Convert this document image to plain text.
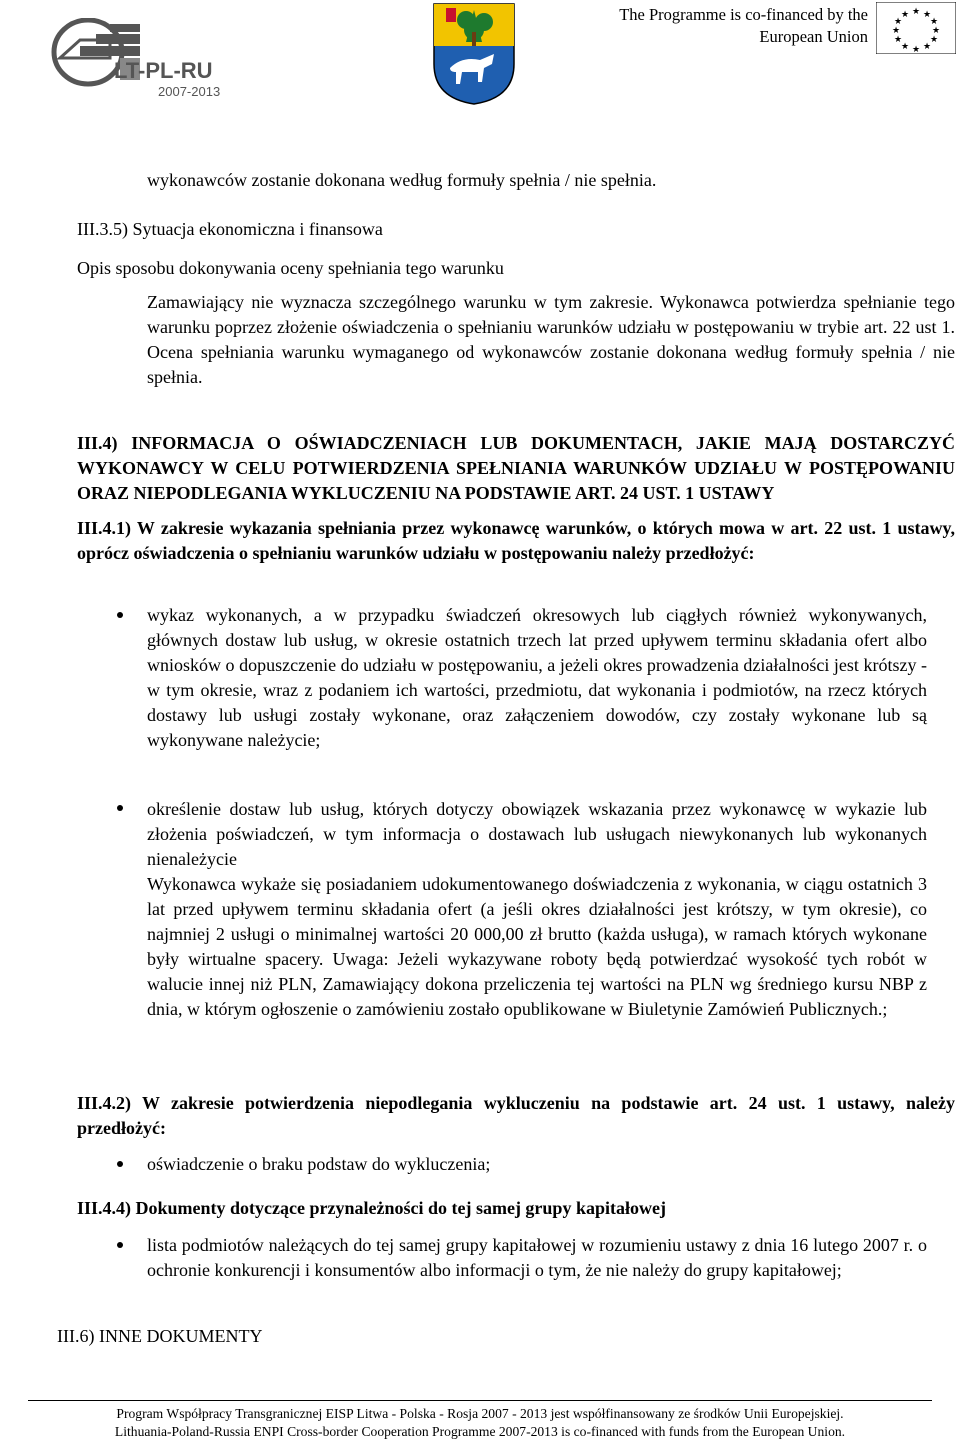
LT-PL-RU
2007-2013
The Programme is co-financed by the
European Union
★ ★
★
★
★
★
★
★
★
★
★
★

wykonawców zostanie dokonana według formuły spełnia / nie spełnia.

III.3.5) Sytuacja ekonomiczna i finansowa

Opis sposobu dokonywania oceny spełniania tego warunku

Zamawiający nie wyznacza szczególnego warunku w tym zakresie. Wykonawca potwierdza spełnianie tego warunku poprzez złożenie oświadczenia o spełnianiu warunków udziału w postępowaniu w trybie art. 22 ust 1. Ocena spełniania warunku wymaganego od wykonawców zostanie dokonana według formuły spełnia / nie spełnia.

III.4) INFORMACJA O OŚWIADCZENIACH LUB DOKUMENTACH, JAKIE MAJĄ DOSTARCZYĆ WYKONAWCY W CELU POTWIERDZENIA SPEŁNIANIA WARUNKÓW UDZIAŁU W POSTĘPOWANIU ORAZ NIEPODLEGANIA WYKLUCZENIU NA PODSTAWIE ART. 24 UST. 1 USTAWY

III.4.1) W zakresie wykazania spełniania przez wykonawcę warunków, o których mowa w art. 22 ust. 1 ustawy, oprócz oświadczenia o spełnianiu warunków udziału w postępowaniu należy przedłożyć:

wykaz wykonanych, a w przypadku świadczeń okresowych lub ciągłych również wykonywanych, głównych dostaw lub usług, w okresie ostatnich trzech lat przed upływem terminu składania ofert albo wniosków o dopuszczenie do udziału w postępowaniu, a jeżeli okres prowadzenia działalności jest krótszy - w tym okresie, wraz z podaniem ich wartości, przedmiotu, dat wykonania i podmiotów, na rzecz których dostawy lub usługi zostały wykonane, oraz załączeniem dowodów, czy zostały wykonane lub są wykonywane należycie;

określenie dostaw lub usług, których dotyczy obowiązek wskazania przez wykonawcę w wykazie lub złożenia poświadczeń, w tym informacja o dostawach lub usługach niewykonanych lub wykonanych nienależycie

Wykonawca wykaże się posiadaniem udokumentowanego doświadczenia z wykonania, w ciągu ostatnich 3 lat przed upływem terminu składania ofert (a jeśli okres działalności jest krótszy, w tym okresie), co najmniej 2 usługi o minimalnej wartości 20 000,00 zł brutto (każda usługa), w ramach których wykonane były wirtualne spacery. Uwaga: Jeżeli wykazywane roboty będą potwierdzać wysokość tych robót w walucie innej niż PLN, Zamawiający dokona przeliczenia tej wartości na PLN wg średniego kursu NBP z dnia, w którym ogłoszenie o zamówieniu zostało opublikowane w Biuletynie Zamówień Publicznych.;

III.4.2) W zakresie potwierdzenia niepodlegania wykluczeniu na podstawie art. 24 ust. 1 ustawy, należy przedłożyć:

oświadczenie o braku podstaw do wykluczenia;

III.4.4) Dokumenty dotyczące przynależności do tej samej grupy kapitałowej

lista podmiotów należących do tej samej grupy kapitałowej w rozumieniu ustawy z dnia 16 lutego 2007 r. o ochronie konkurencji i konsumentów albo informacji o tym, że nie należy do grupy kapitałowej;

III.6) INNE DOKUMENTY

Program Współpracy Transgranicznej EISP Litwa - Polska - Rosja 2007 - 2013 jest współfinansowany ze środków Unii Europejskiej.
Lithuania-Poland-Russia ENPI Cross-border Cooperation Programme 2007-2013 is co-financed with funds from the European Union.
